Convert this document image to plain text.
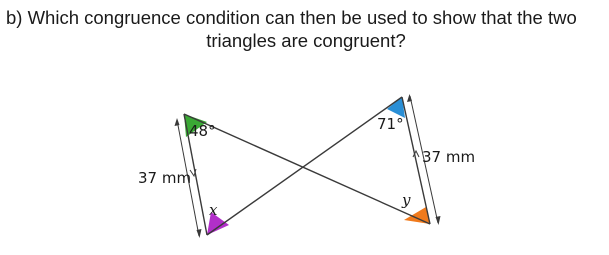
b) Which congruence condition can then be used to show that the two
triangles are congruent?
48°
37 mm
x
71°
37 mm
y
